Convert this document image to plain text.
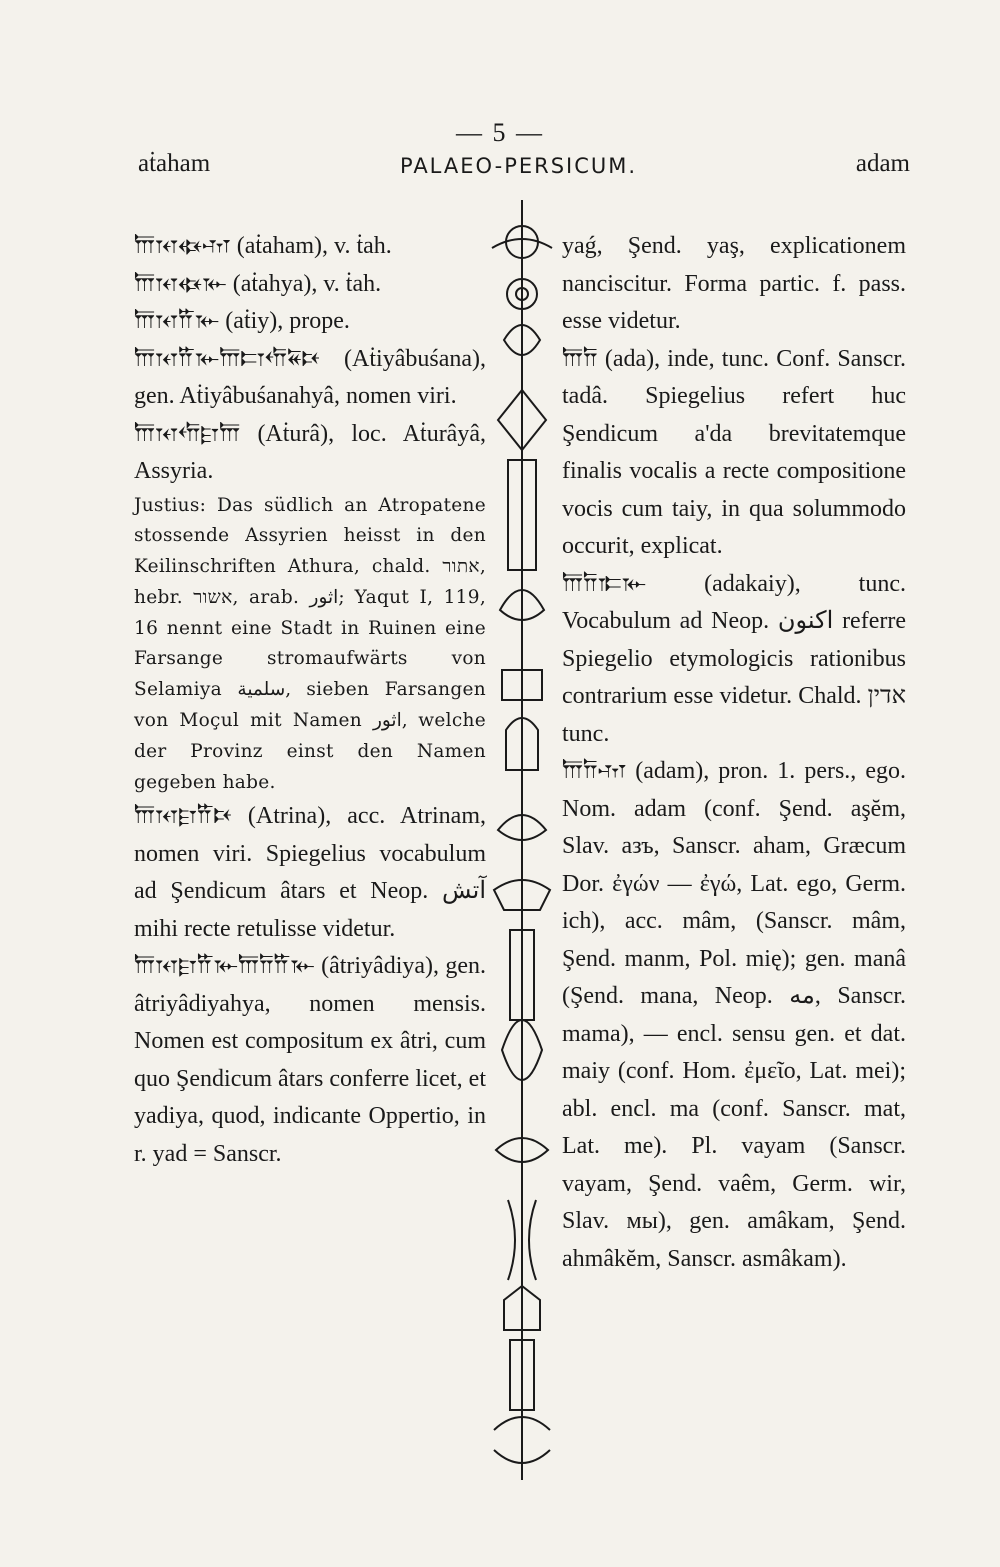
— 5 —
aṫaham	PALAEO-PERSICUM.	adam

𐎠𐎰𐏃𐎶 (aṫaham), v. ṫah.

𐎠𐎰𐏃𐎹 (aṫahya), v. ṫah.

𐎠𐎰𐎡𐎹 (aṫiy), prope.

𐎠𐎰𐎡𐎹𐎠𐎲𐎢𐏁𐎴 (Aṫiyâbuśana), gen. Aṫiyâbuśanahyâ, nomen viri.

𐎠𐎰𐎢𐎼𐎠 (Aṫurâ), loc. Aṫurâyâ, Assyria.

Justius: Das südlich an Atropatene stossende Assyrien heisst in den Keilinschriften Athura, chald. אתור, hebr. אשור, arab. اثور; Yaqut I, 119, 16 nennt eine Stadt in Ruinen eine Farsange stromaufwärts von Selamiya سلمية, sieben Farsangen von Moçul mit Namen اثور, welche der Provinz einst den Namen gegeben habe.

𐎠𐎰𐎼𐎡𐎴 (Atrina), acc. Atrinam, nomen viri. Spiegelius vocabulum ad Şendicum âtars et Neop. آتش mihi recte retulisse videtur.

𐎠𐎰𐎼𐎡𐎹𐎠𐎭𐎡𐎹 (âtriyâdiya), gen. âtriyâdiyahya, nomen mensis. Nomen est compositum ex âtri, cum quo Şendicum âtars conferre licet, et yadiya, quod, indicante Oppertio, in r. yad = Sanscr.

yaǵ, Şend. yaş, explicationem nanciscitur. Forma partic. f. pass. esse videtur.

𐎠𐎭 (ada), inde, tunc. Conf. Sanscr. tadâ. Spiegelius refert huc Şendicum a'da brevitatemque finalis vocalis a recte compositione vocis cum taiy, in qua solummodo occurit, explicat.

𐎠𐎭𐎣𐎹 (adakaiy), tunc. Vocabulum ad Neop. اکنون referre Spiegelio etymologicis rationibus contrarium esse videtur. Chald. אדין tunc.

𐎠𐎭𐎶 (adam), pron. 1. pers., ego. Nom. adam (conf. Şend. aşĕm, Slav. азъ, Sanscr. aham, Græcum Dor. ἐγών — ἐγώ, Lat. ego, Germ. ich), acc. mâm, (Sanscr. mâm, Şend. manm, Pol. mię); gen. manâ (Şend. mana, Neop. مه, Sanscr. mama), — encl. sensu gen. et dat. maiy (conf. Hom. ἐμεῖο, Lat. mei); abl. encl. ma (conf. Sanscr. mat, Lat. me). Pl. vayam (Sanscr. vayam, Şend. vaêm, Germ. wir, Slav. мы), gen. amâkam, Şend. ahmâkĕm, Sanscr. asmâkam).
